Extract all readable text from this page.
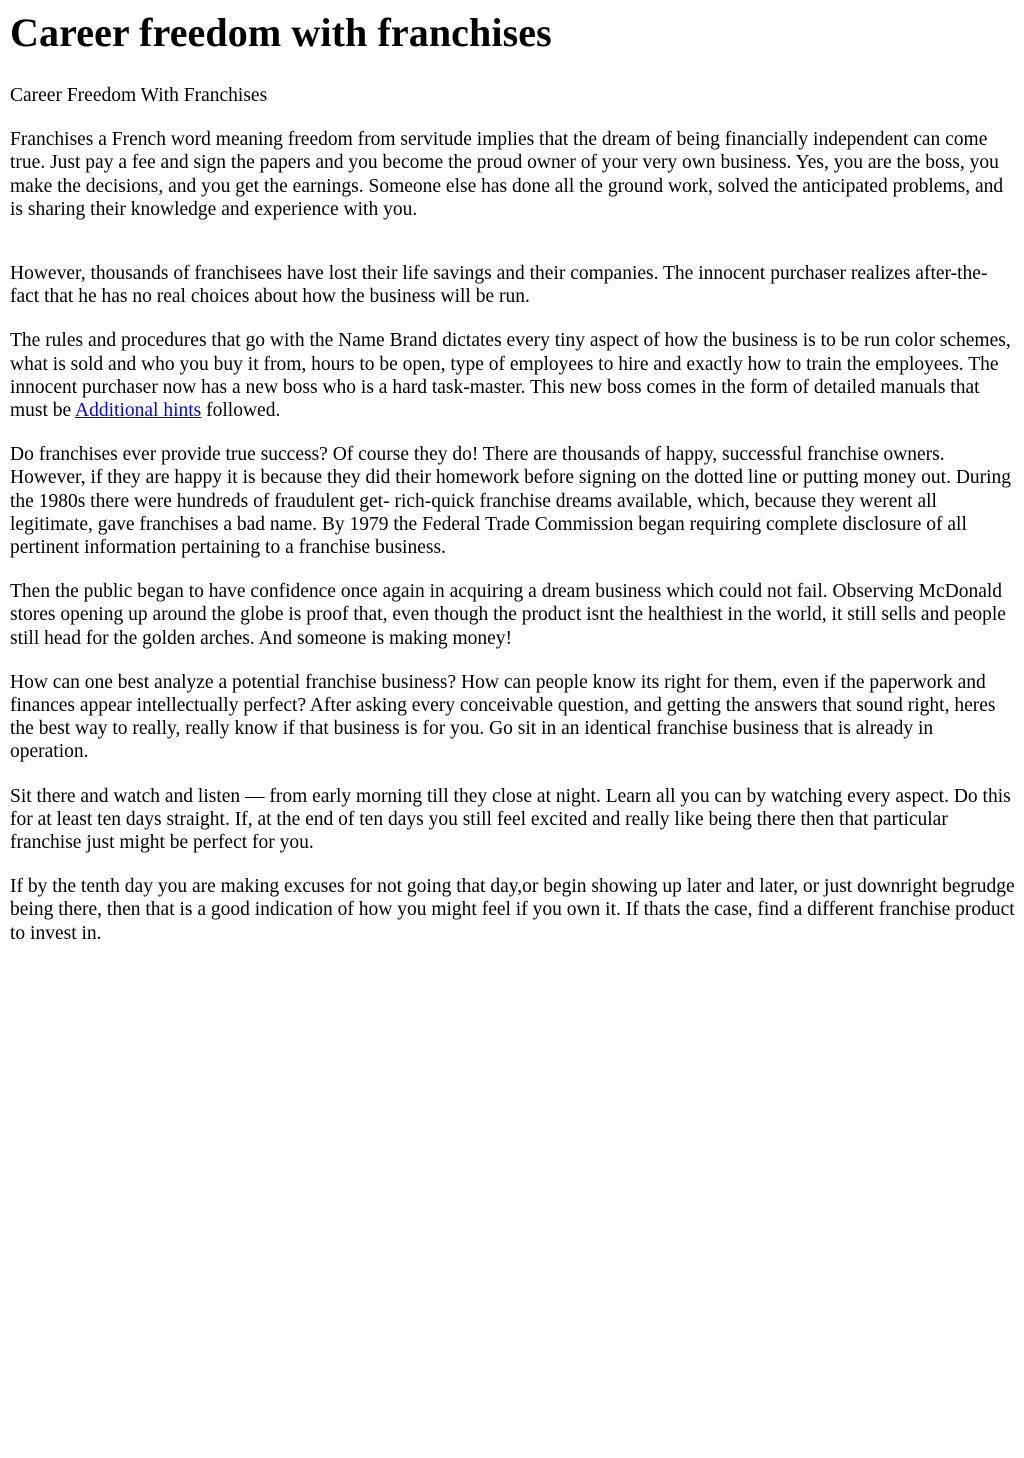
Career freedom with franchises

Career Freedom With Franchises

Franchises a French word meaning freedom from servitude implies that the dream of being financially independent can come true. Just pay a fee and sign the papers and you become the proud owner of your very own business. Yes, you are the boss, you make the decisions, and you get the earnings. Someone else has done all the ground work, solved the anticipated problems, and is sharing their knowledge and experience with you.

However, thousands of franchisees have lost their life savings and their companies. The innocent purchaser realizes after-the-fact that he has no real choices about how the business will be run.

The rules and procedures that go with the Name Brand dictates every tiny aspect of how the business is to be run color schemes, what is sold and who you buy it from, hours to be open, type of employees to hire and exactly how to train the employees. The innocent purchaser now has a new boss who is a hard task-master. This new boss comes in the form of detailed manuals that must be Additional hints followed.

Do franchises ever provide true success? Of course they do! There are thousands of happy, successful franchise owners. However, if they are happy it is because they did their homework before signing on the dotted line or putting money out. During the 1980s there were hundreds of fraudulent get- rich-quick franchise dreams available, which, because they werent all legitimate, gave franchises a bad name. By 1979 the Federal Trade Commission began requiring complete disclosure of all pertinent information pertaining to a franchise business.

Then the public began to have confidence once again in acquiring a dream business which could not fail. Observing McDonald stores opening up around the globe is proof that, even though the product isnt the healthiest in the world, it still sells and people still head for the golden arches. And someone is making money!

How can one best analyze a potential franchise business? How can people know its right for them, even if the paperwork and finances appear intellectually perfect? After asking every conceivable question, and getting the answers that sound right, heres the best way to really, really know if that business is for you. Go sit in an identical franchise business that is already in operation.

Sit there and watch and listen — from early morning till they close at night. Learn all you can by watching every aspect. Do this for at least ten days straight. If, at the end of ten days you still feel excited and really like being there then that particular franchise just might be perfect for you.

If by the tenth day you are making excuses for not going that day,or begin showing up later and later, or just downright begrudge being there, then that is a good indication of how you might feel if you own it. If thats the case, find a different franchise product to invest in.
